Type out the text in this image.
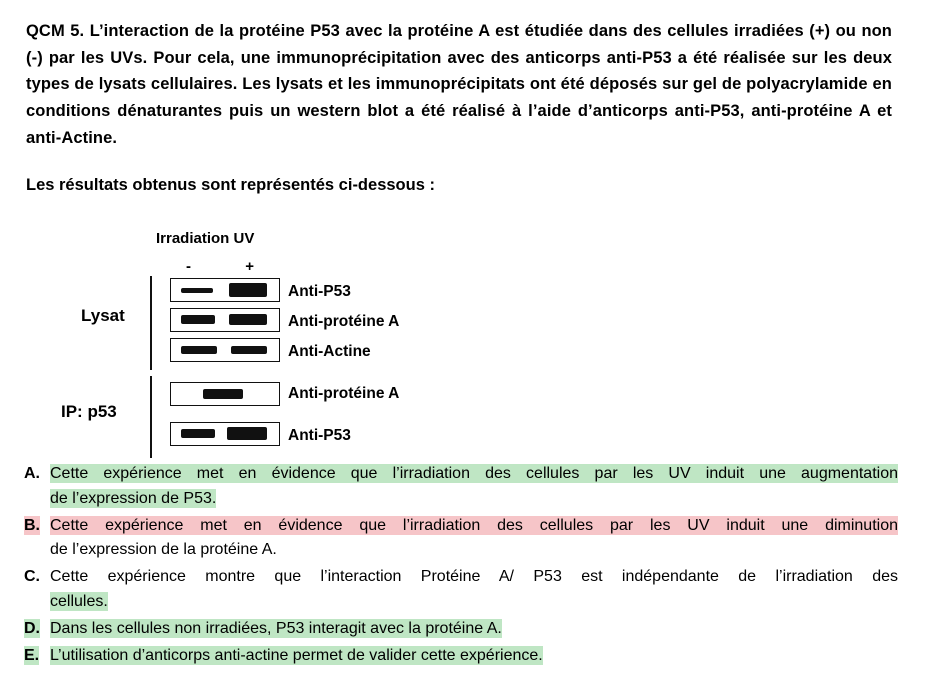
QCM 5. L’interaction de la protéine P53 avec la protéine A est étudiée dans des cellules irradiées (+) ou non (-) par les UVs. Pour cela, une immunoprécipitation avec des anticorps anti-P53 a été réalisée sur les deux types de lysats cellulaires. Les lysats et les immunoprécipitats ont été déposés sur gel de polyacrylamide en conditions dénaturantes puis un western blot a été réalisé à l’aide d’anticorps anti-P53, anti-protéine A et anti-Actine.

Les résultats obtenus sont représentés ci-dessous :

Irradiation UV
-	+
Lysat
IP: p53
Anti-P53
Anti-protéine A
Anti-Actine
Anti-protéine A
Anti-P53
A. Cette expérience met en évidence que l’irradiation des cellules par les UV induit une augmentation
de l’expression de P53.
B. Cette expérience met en évidence que l’irradiation des cellules par les UV induit une diminution
de l’expression de la protéine A.
C. Cette expérience montre que l’interaction Protéine A/ P53 est indépendante de l’irradiation des
cellules.
D. Dans les cellules non irradiées, P53 interagit avec la protéine A.
E. L’utilisation d’anticorps anti-actine permet de valider cette expérience.
